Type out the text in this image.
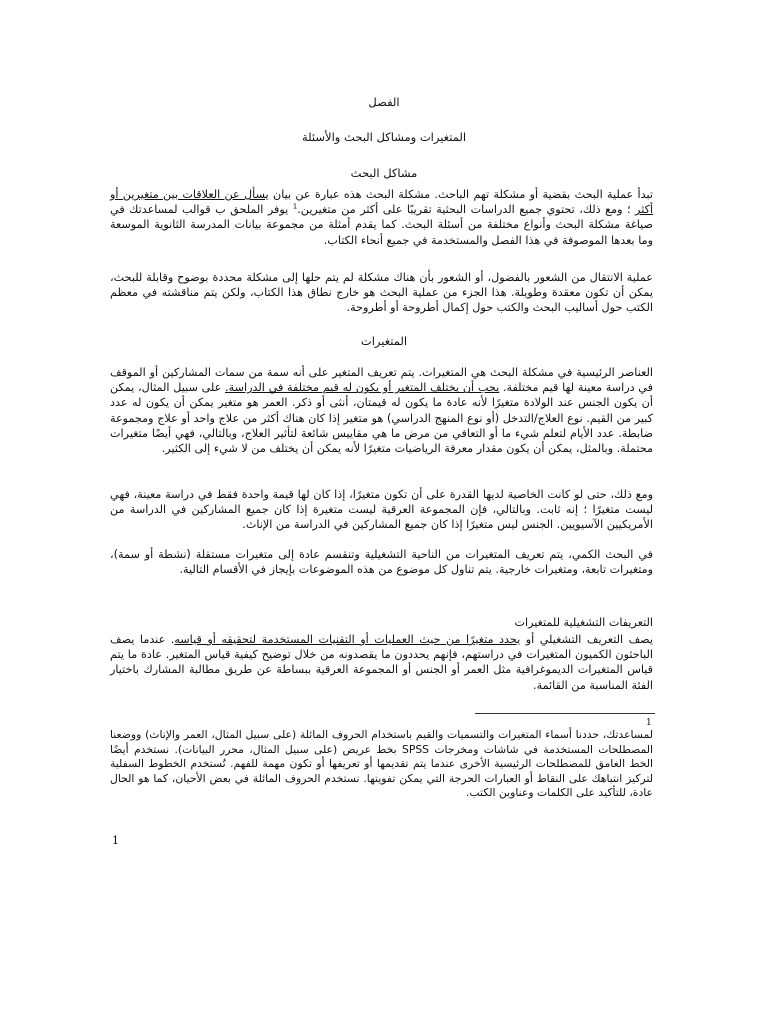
الفصل
المتغيرات ومشاكل البحث والأسئلة
مشاكل البحث
تبدأ عملية البحث بقضية أو مشكلة تهم الباحث. مشكلة البحث هذه عبارة عن بيان يسأل عن العلاقات بين متغيرين أو أكثر ؛ ومع ذلك، تحتوي جميع الدراسات البحثية تقريبًا على أكثر من متغيرين.$^1$ يوفر الملحق ب قوالب لمساعدتك في صياغة مشكلة البحث وأنواع مختلفة من أسئلة البحث. كما يقدم أمثلة من مجموعة بيانات المدرسة الثانوية الموسعة وما بعدها الموصوفة في هذا الفصل والمستخدمة في جميع أنحاء الكتاب.
عملية الانتقال من الشعور بالفضول، أو الشعور بأن هناك مشكلة لم يتم حلها إلى مشكلة محددة بوضوح وقابلة للبحث، يمكن أن تكون معقدة وطويلة. هذا الجزء من عملية البحث هو خارج نطاق هذا الكتاب، ولكن يتم مناقشته في معظم الكتب حول أساليب البحث والكتب حول إكمال أطروحة أو أطروحة.
المتغيرات
العناصر الرئيسية في مشكلة البحث هي المتغيرات. يتم تعريف المتغير على أنه سمة من سمات المشاركين أو الموقف في دراسة معينة لها قيم مختلفة. يجب أن يختلف المتغير أو يكون له قيم مختلفة في الدراسة. على سبيل المثال، يمكن أن يكون الجنس عند الولادة متغيرًا لأنه عادة ما يكون له قيمتان، أنثى أو ذكر. العمر هو متغير يمكن أن يكون له عدد كبير من القيم. نوع العلاج/التدخل (أو نوع المنهج الدراسي) هو متغير إذا كان هناك أكثر من علاج واحد أو علاج ومجموعة ضابطة. عدد الأيام لتعلم شيء ما أو التعافي من مرض ما هي مقاييس شائعة لتأثير العلاج، وبالتالي، فهي أيضًا متغيرات محتملة. وبالمثل، يمكن أن يكون مقدار معرفة الرياضيات متغيرًا لأنه يمكن أن يختلف من لا شيء إلى الكثير.
ومع ذلك، حتى لو كانت الخاصية لديها القدرة على أن تكون متغيرًا، إذا كان لها قيمة واحدة فقط في دراسة معينة، فهي ليست متغيرًا ؛ إنه ثابت. وبالتالي، فإن المجموعة العرقية ليست متغيرة إذا كان جميع المشاركين في الدراسة من الأمريكيين الآسيويين. الجنس ليس متغيرًا إذا كان جميع المشاركين في الدراسة من الإناث.
في البحث الكمي، يتم تعريف المتغيرات من الناحية التشغيلية وتنقسم عادة إلى متغيرات مستقلة (نشطة أو سمة)، ومتغيرات تابعة، ومتغيرات خارجية. يتم تناول كل موضوع من هذه الموضوعات بإيجاز في الأقسام التالية.
التعريفات التشغيلية للمتغيرات
يصف التعريف التشغيلي أو يحدد متغيرًا من حيث العمليات أو التقنيات المستخدمة لتحقيقه أو قياسه. عندما يصف الباحثون الكميون المتغيرات في دراستهم، فإنهم يحددون ما يقصدونه من خلال توضيح كيفية قياس المتغير. عادة ما يتم قياس المتغيرات الديموغرافية مثل العمر أو الجنس أو المجموعة العرقية ببساطة عن طريق مطالبة المشارك باختيار الفئة المناسبة من القائمة.
1
لمساعدتك، حددنا أسماء المتغيرات والتسميات والقيم باستخدام الحروف المائلة (على سبيل المثال، العمر والإناث) ووضعنا المصطلحات المستخدمة في شاشات ومخرجات SPSS بخط عريض (على سبيل المثال، محرر البيانات). نستخدم أيضًا الخط الغامق للمصطلحات الرئيسية الأخرى عندما يتم تقديمها أو تعريفها أو تكون مهمة للفهم. تُستخدم الخطوط السفلية لتركيز انتباهك على النقاط أو العبارات الحرجة التي يمكن تفويتها. نستخدم الحروف المائلة في بعض الأحيان، كما هو الحال عادة، للتأكيد على الكلمات وعناوين الكتب.
1
